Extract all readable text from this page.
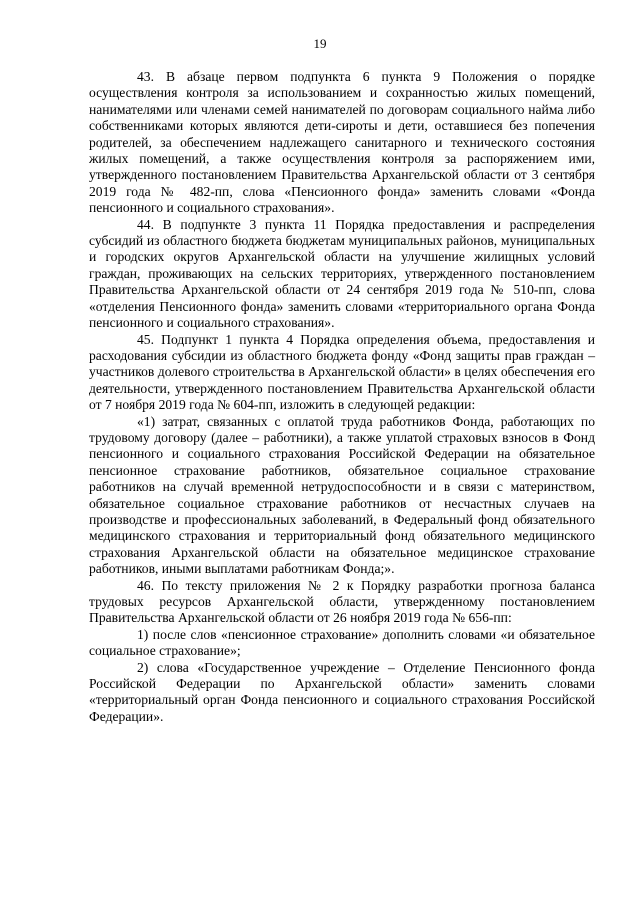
19

43. В абзаце первом подпункта 6 пункта 9 Положения о порядке осуществления контроля за использованием и сохранностью жилых помещений, нанимателями или членами семей нанимателей по договорам социального найма либо собственниками которых являются дети-сироты и дети, оставшиеся без попечения родителей, за обеспечением надлежащего санитарного и технического состояния жилых помещений, а также осуществления контроля за распоряжением ими, утвержденного постановлением Правительства Архангельской области от 3 сентября 2019 года № 482-пп, слова «Пенсионного фонда» заменить словами «Фонда пенсионного и социального страхования».

44. В подпункте 3 пункта 11 Порядка предоставления и распределения субсидий из областного бюджета бюджетам муниципальных районов, муниципальных и городских округов Архангельской области на улучшение жилищных условий граждан, проживающих на сельских территориях, утвержденного постановлением Правительства Архангельской области от 24 сентября 2019 года № 510-пп, слова «отделения Пенсионного фонда» заменить словами «территориального органа Фонда пенсионного и социального страхования».

45. Подпункт 1 пункта 4 Порядка определения объема, предоставления и расходования субсидии из областного бюджета фонду «Фонд защиты прав граждан – участников долевого строительства в Архангельской области» в целях обеспечения его деятельности, утвержденного постановлением Правительства Архангельской области от 7 ноября 2019 года № 604-пп, изложить в следующей редакции:

«1) затрат, связанных с оплатой труда работников Фонда, работающих по трудовому договору (далее – работники), а также уплатой страховых взносов в Фонд пенсионного и социального страхования Российской Федерации на обязательное пенсионное страхование работников, обязательное социальное страхование работников на случай временной нетрудоспособности и в связи с материнством, обязательное социальное страхование работников от несчастных случаев на производстве и профессиональных заболеваний, в Федеральный фонд обязательного медицинского страхования и территориальный фонд обязательного медицинского страхования Архангельской области на обязательное медицинское страхование работников, иными выплатами работникам Фонда;».

46. По тексту приложения № 2 к Порядку разработки прогноза баланса трудовых ресурсов Архангельской области, утвержденному постановлением Правительства Архангельской области от 26 ноября 2019 года № 656-пп:

1) после слов «пенсионное страхование» дополнить словами «и обязательное социальное страхование»;

2) слова «Государственное учреждение – Отделение Пенсионного фонда Российской Федерации по Архангельской области» заменить словами «территориальный орган Фонда пенсионного и социального страхования Российской Федерации».
